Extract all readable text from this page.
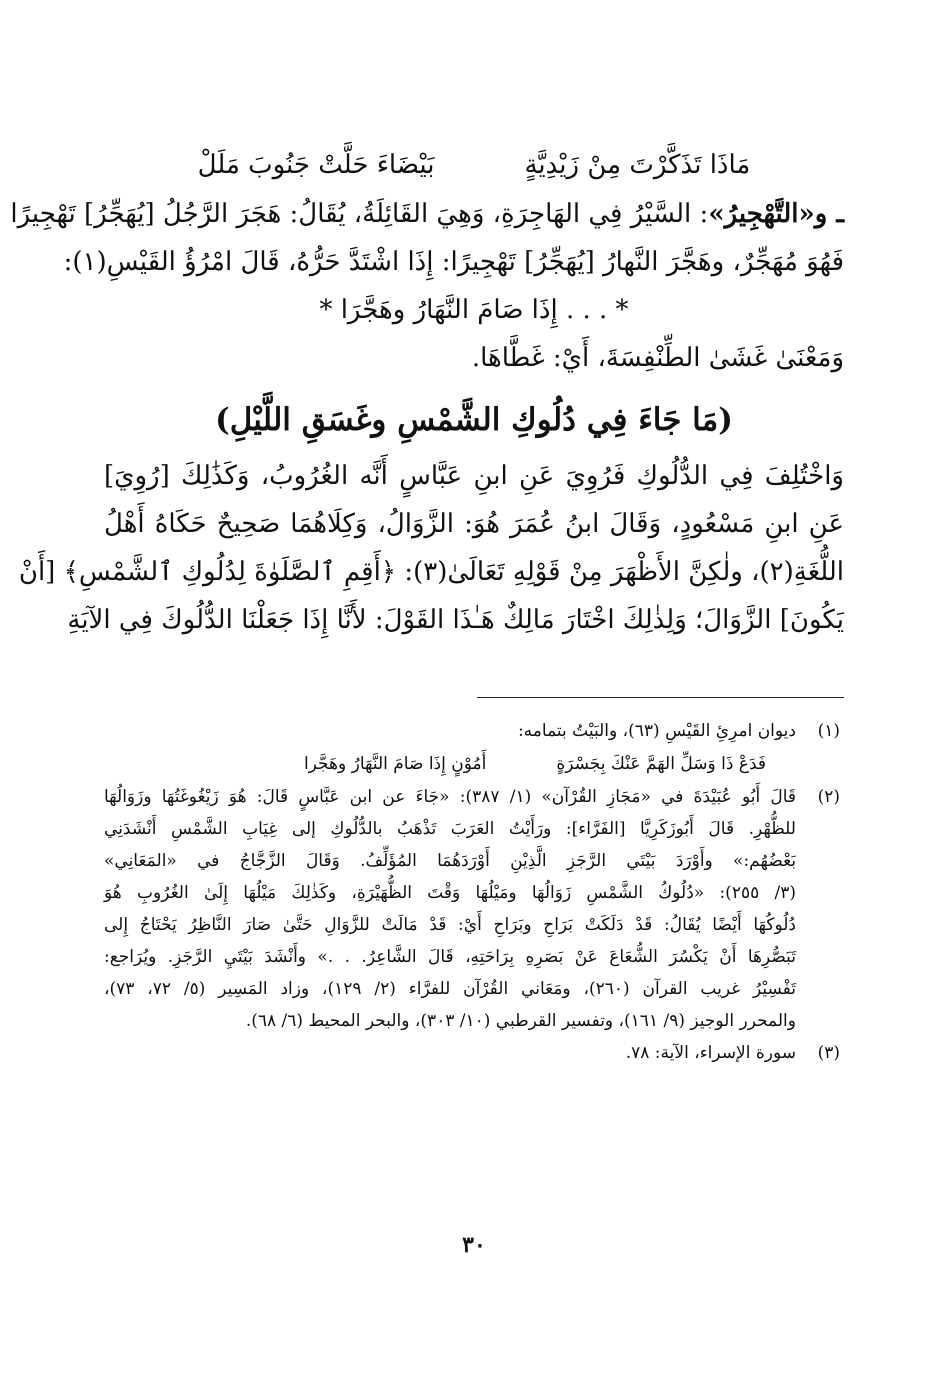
مَاذَا تَذَكَّرْتَ مِنْ زَيْدِيَّةٍ
بَيْضَاءَ حَلَّتْ جَنُوبَ مَلَلْ
ـ و«التَّهْجِيرُ»: السَّيْرُ فِي الهَاجِرَةِ، وَهِيَ القَائِلَةُ، يُقَالُ: هَجَرَ الرَّجُلُ [يُهَجِّرُ] تَهْجِيرًا
فَهُوَ مُهَجِّرٌ، وهَجَّرَ النَّهارُ [يُهَجِّرُ] تَهْجِيرًا: إِذَا اشْتَدَّ حَرُّهُ، قَالَ امْرُؤُ القَيْسِ(١):
* . . . إِذَا صَامَ النَّهَارُ وهَجَّرَا *
وَمَعْنَىٰ غَشَىٰ الطِّنْفِسَةَ، أَيْ: غَطَّاهَا.
(مَا جَاءَ فِي دُلُوكِ الشَّمْسِ وغَسَقِ اللَّيْلِ)
وَاخْتُلِفَ فِي الدُّلُوكِ فَرُوِيَ عَنِ ابنِ عَبَّاسٍ أَنَّه الغُرُوبُ، وَكَذَٰلِكَ [رُوِيَ]
عَنِ ابنِ مَسْعُودٍ، وَقَالَ ابنُ عُمَرَ هُوَ: الزَّوَالُ، وَكِلَاهُمَا صَحِيحٌ حَكَاهُ أَهْلُ
اللُّغَةِ(٢)، ولٰكِنَّ الأَظْهَرَ مِنْ قَوْلِهِ تَعَالَىٰ(٣): ﴿أَقِمِ ٱلصَّلَوٰةَ لِدُلُوكِ ٱلشَّمْسِ﴾ [أَنْ
يَكُونَ] الزَّوَالَ؛ وَلِذٰلِكَ اخْتَارَ مَالِكٌ هَـٰذَا القَوْلَ: لأَنَّا إِذَا جَعَلْنَا الدُّلُوكَ فِي الآيَةِ
(١)
ديوان امرِئِ القَيْسِ (٦٣)، والبَيْتُ بتمامه:
فَدَعْ ذَا وَسَلِّ الهَمَّ عَنْكَ بِجَسْرَةٍ
أَمُوْنٍ إِذَا صَامَ النَّهَارُ وهَجَّرا
(٢)
قَالَ أَبُو عُبَيْدَةَ في «مَجَازِ القُرْآن» (١/ ٣٨٧): «جَاءَ عن ابن عَبَّاسٍ قَالَ: هُوَ زَيْغُوغَتُهَا وزَوَالُهَا
للظُّهْرِ. قَالَ أَبُوزَكَرِيَّا [الفَرَّاء]: ورَأَيْتُ العَرَبَ تَذْهَبُ بالدُّلُوكِ إلى غِيَابِ الشَّمْسِ أَنْشَدَنِي
بَعْضُهُم:» وأَوْرَدَ بَيْتَي الرَّجَزِ الَّذِيْنِ أَوْرَدَهُمَا المُؤَلِّفُ. وَقَالَ الزَّجَّاجُ في «المَعَانِي»
(٣/ ٢٥٥): «دُلُوكُ الشَّمْسِ زَوَالُهَا ومَيْلُهَا وَقْتَ الظُّهَيْرَةِ، وكَذٰلِكَ مَيْلُهَا إِلَىٰ الغُرُوبِ هُوَ
دُلُوكُهَا أَيْضًا يُقَالُ: قَدْ دَلَكَتْ بَرَاحِ وبَرَاحِ أَيْ: قَدْ مَالَتْ للزَّوَالِ حَتَّىٰ صَارَ النَّاظِرُ يَحْتَاجُ إِلى
تَبَصُّرِهَا أَنْ يَكْسُرَ الشُّعَاعَ عَنْ بَصَرِهِ بِرَاحَتِهِ، قَالَ الشَّاعِرُ. . .» وأَنْشَدَ بَيْتَيِ الرَّجَزِ. ويُرَاجع:
تَفْسِيْرُ غريب القرآن (٢٦٠)، ومَعَاني القُرْآن للفرَّاء (٢/ ١٢٩)، وزاد المَسِير (٥/ ٧٢، ٧٣)،
والمحرر الوجيز (٩/ ١٦١)، وتفسير القرطبي (١٠/ ٣٠٣)، والبحر المحيط (٦/ ٦٨).
(٣)
سورة الإسراء، الآية: ٧٨.
٣٠
